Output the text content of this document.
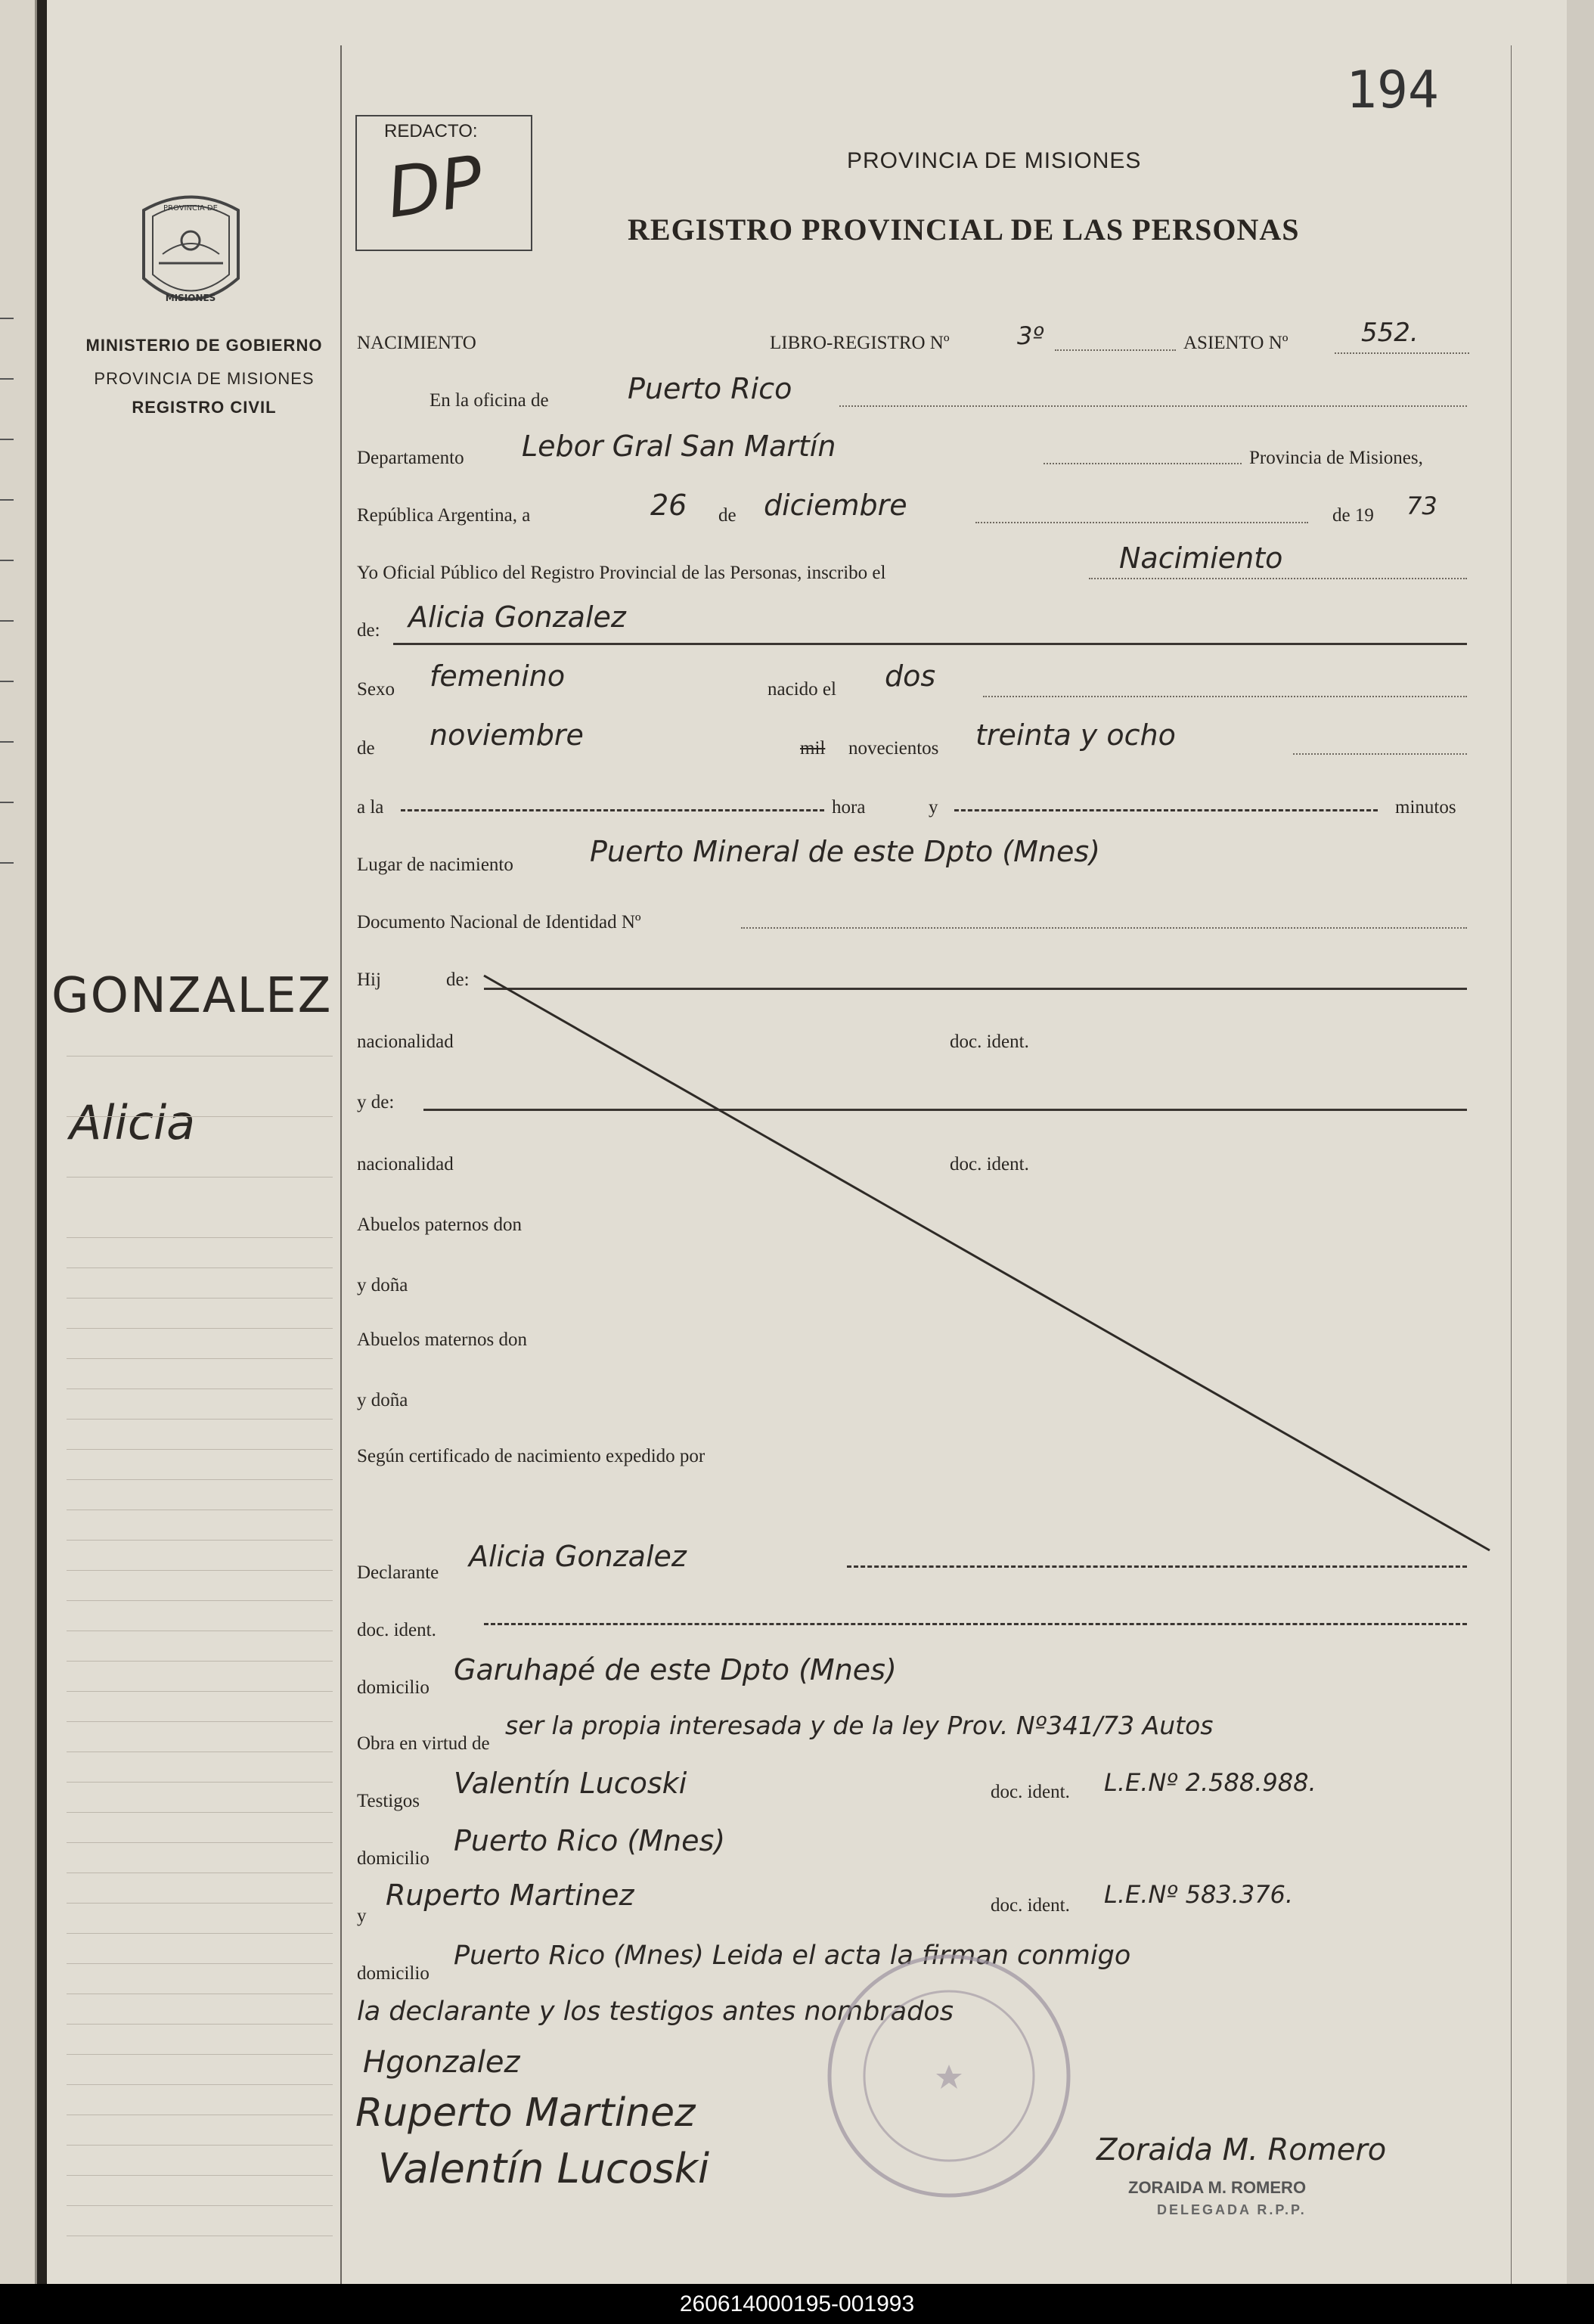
194
REDACTO:
DP	PROVINCIA DE MISIONES
REGISTRO PROVINCIAL DE LAS PERSONAS
PROVINCIA DE
MISIONES
MINISTERIO DE GOBIERNO
PROVINCIA DE MISIONES
REGISTRO CIVIL
GONZALEZ
Alicia
NACIMIENTO	LIBRO-REGISTRO Nº	3º	ASIENTO Nº	552.
En la oficina de	Puerto Rico
Departamento Lebor Gral San Martín	Provincia de Misiones,
República Argentina, a	26 de diciembre	de 19 73
Yo Oficial Público del Registro Provincial de las Personas, inscribo el	Nacimiento
de: Alicia Gonzalez
Sexo femenino	nacido el dos
de noviembre	mil novecientos treinta y ocho
a la	hora	y	minutos
Lugar de nacimiento	Puerto Mineral de este Dpto (Mnes)
Documento Nacional de Identidad Nº
Hij	de:
nacionalidad	doc. ident.
y de:
nacionalidad	doc. ident.
Abuelos paternos don
y doña
Abuelos maternos don
y doña
Según certificado de nacimiento expedido por
Declarante Alicia Gonzalez
doc. ident.
domicilio
Garuhapé de este Dpto (Mnes)
Obra en virtud de
ser la propia interesada y de la ley Prov. Nº341/73 Autos
Testigos
Valentín Lucoski	doc. ident. L.E.Nº 2.588.988.
domicilio
Puerto Rico (Mnes)
y
Ruperto Martinez	doc. ident. L.E.Nº 583.376.
domicilio
Puerto Rico (Mnes) Leida el acta la firman conmigo
la declarante y los testigos antes nombrados
Hgonzalez
Ruperto Martinez
Valentín Lucoski	Zoraida M. Romero
ZORAIDA M. ROMERO
DELEGADA R.P.P.
260614000195-001993
